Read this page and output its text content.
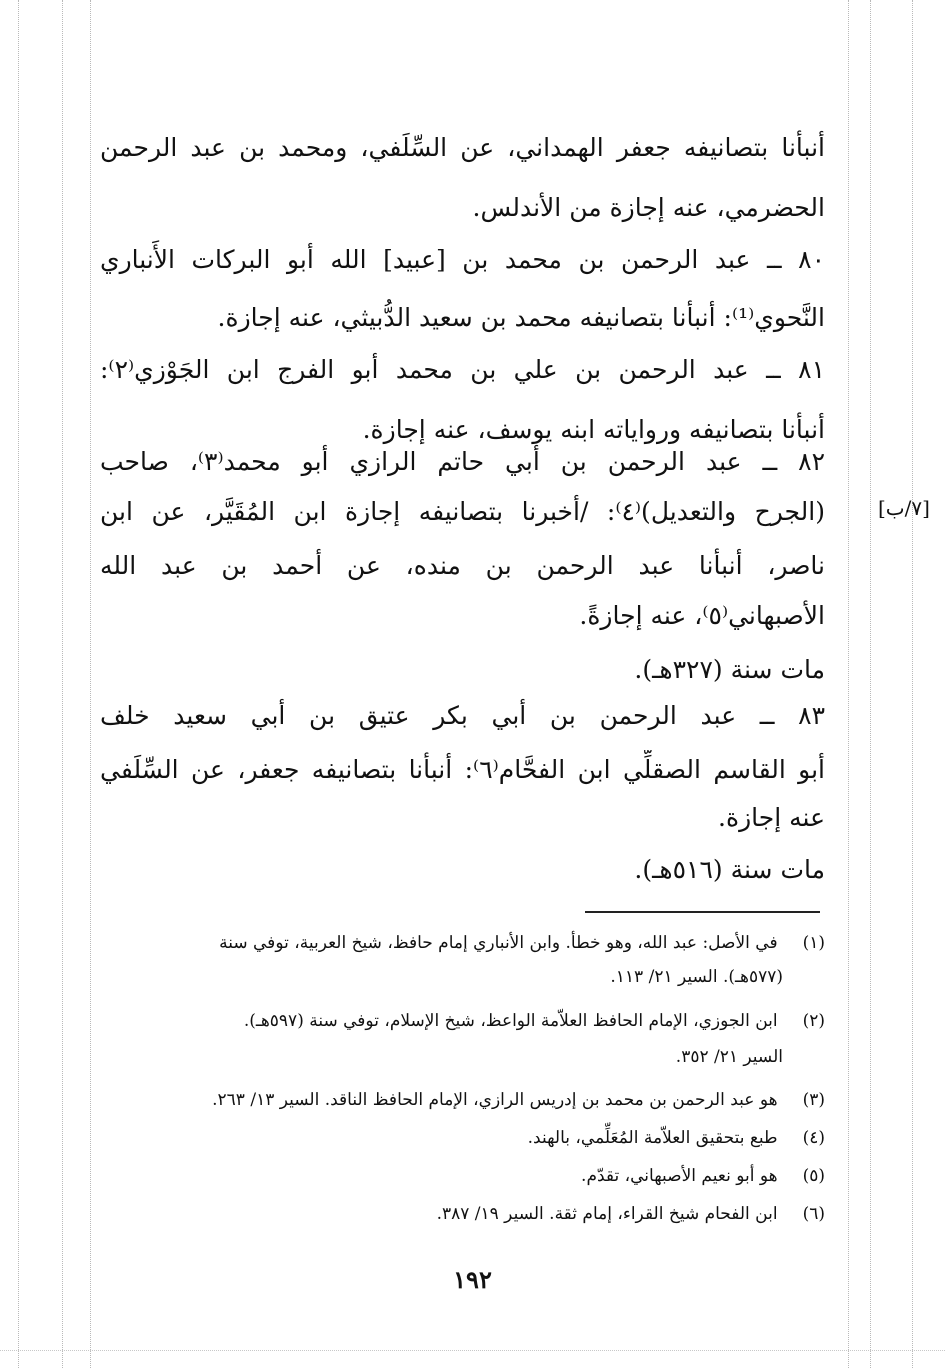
أنبأنا بتصانيفه جعفر الهمداني، عن السِّلَفي، ومحمد بن عبد الرحمن
الحضرمي، عنه إجازة من الأندلس.
٨٠ ــ عبد الرحمن بن محمد بن [عبيد] الله أبو البركات الأَنباري
النَّحوي⁽¹⁾: أنبأنا بتصانيفه محمد بن سعيد الدُّبيثي، عنه إجازة.
٨١ ــ عبد الرحمن بن علي بن محمد أبو الفرج ابن الجَوْزي⁽٢⁾:
أنبأنا بتصانيفه ورواياته ابنه يوسف، عنه إجازة.
٨٢ ــ عبد الرحمن بن أبي حاتم الرازي أبو محمد⁽٣⁾، صاحب
(الجرح والتعديل)⁽٤⁾: /أخبرنا بتصانيفه إجازة ابن المُقَيَّر، عن ابن
ناصر، أنبأنا عبد الرحمن بن منده، عن أحمد بن عبد الله
الأصبهاني⁽٥⁾، عنه إجازةً.
مات سنة (٣٢٧هـ).
٨٣ ــ عبد الرحمن بن أبي بكر عتيق بن أبي سعيد خلف
أبو القاسم الصقلِّي ابن الفحَّام⁽٦⁾: أنبأنا بتصانيفه جعفر، عن السِّلَفي
عنه إجازة.
مات سنة (٥١٦هـ).
[٧/ب]
(١) في الأصل: عبد الله، وهو خطأ. وابن الأنباري إمام حافظ، شيخ العربية، توفي سنة
(٥٧٧هـ). السير ٢١/ ١١٣.
(٢) ابن الجوزي، الإمام الحافظ العلاّمة الواعظ، شيخ الإسلام، توفي سنة (٥٩٧هـ).
السير ٢١/ ٣٥٢.
(٣) هو عبد الرحمن بن محمد بن إدريس الرازي، الإمام الحافظ الناقد. السير ١٣/ ٢٦٣.
(٤) طبع بتحقيق العلاّمة المُعَلِّمي، بالهند.
(٥) هو أبو نعيم الأصبهاني، تقدّم.
(٦) ابن الفحام شيخ القراء، إمام ثقة. السير ١٩/ ٣٨٧.
١٩٢
